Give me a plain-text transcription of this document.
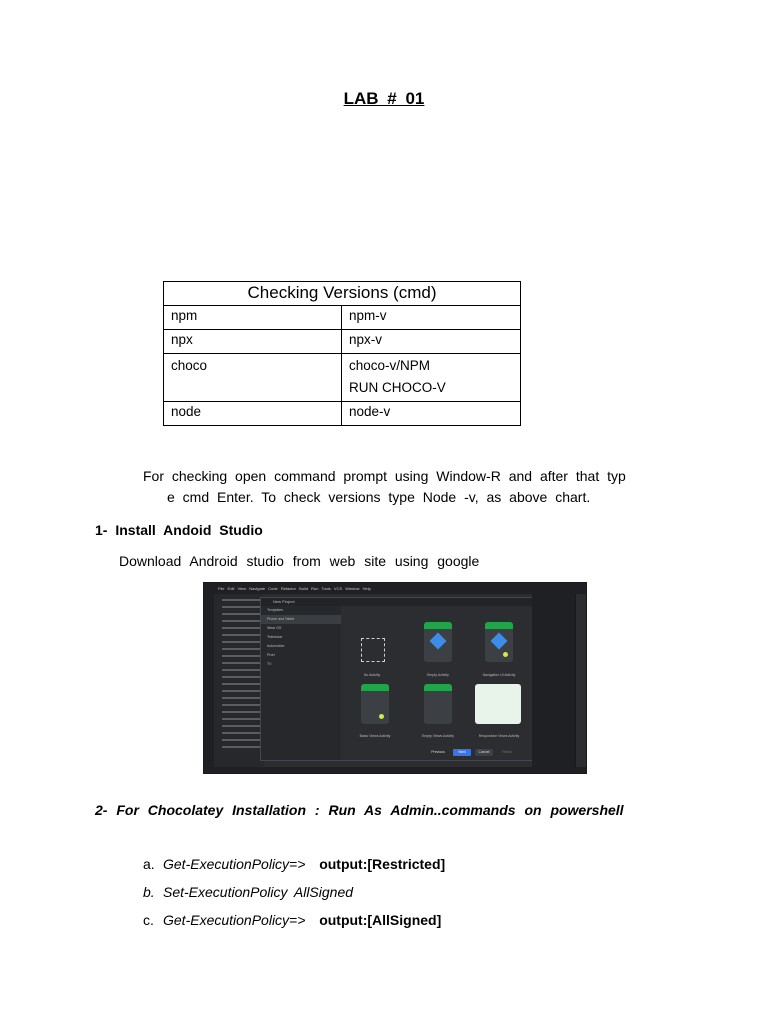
LAB # 01
Checking Versions (cmd)	
npm	npm-v
npx	npx-v
choco	choco-v/NPM
RUN CHOCO-V

node	node-v
For checking open command prompt using Window-R and after that typ
e cmd Enter. To check versions type Node -v, as above chart.
1- Install Andoid Studio
Download Android studio from web site using google
File Edit View Navigate Code Refactor Build Run Tools VCS Window Help
New Project
Templates
Phone and Tablet
Wear OS
Television
Automotive
Pixel
TV
No Activity	Empty Activity	Navigation UI Activity
Basic Views Activity	Empty Views Activity	Responsive Views Activity
Previous	Next	Cancel	Finish
2- For Chocolatey Installation : Run As Admin..commands on powershell
a. Get-ExecutionPolicy=> output:[Restricted]
b. Set-ExecutionPolicy AllSigned
c. Get-ExecutionPolicy=> output:[AllSigned]
